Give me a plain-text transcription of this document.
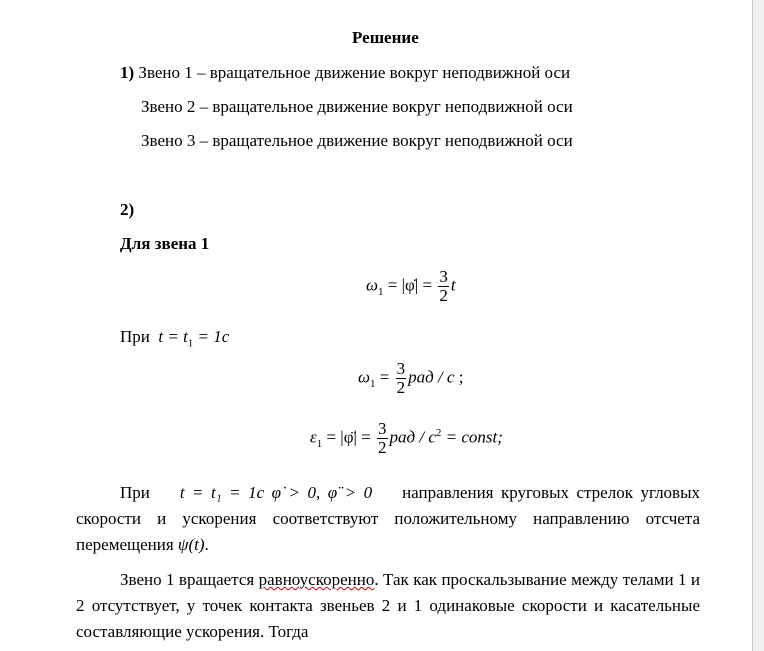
Решение
1) Звено 1 – вращательное движение вокруг неподвижной оси
Звено 2 – вращательное движение вокруг неподвижной оси
Звено 3 – вращательное движение вокруг неподвижной оси
2)
Для звена 1
$\omega_1$ = |φ̇| = $\frac{3}{2}$ t
При $t = t_1 = 1c$
$\omega_1 = \frac{3}{2}$ рад / c ;
$\varepsilon_1$ = |φ̈| = $\frac{3}{2}$ рад / $c^2$ = const;
При t = t₁ = 1c φ̇ > 0, φ̈ > 0 направления круговых стрелок угловых скорости и ускорения соответствуют положительному направлению отсчета перемещения ψ(t).
Звено 1 вращается равноускоренно. Так как проскальзывание между телами 1 и 2 отсутствует, у точек контакта звеньев 2 и 1 одинаковые скорости и касательные составляющие ускорения. Тогда
